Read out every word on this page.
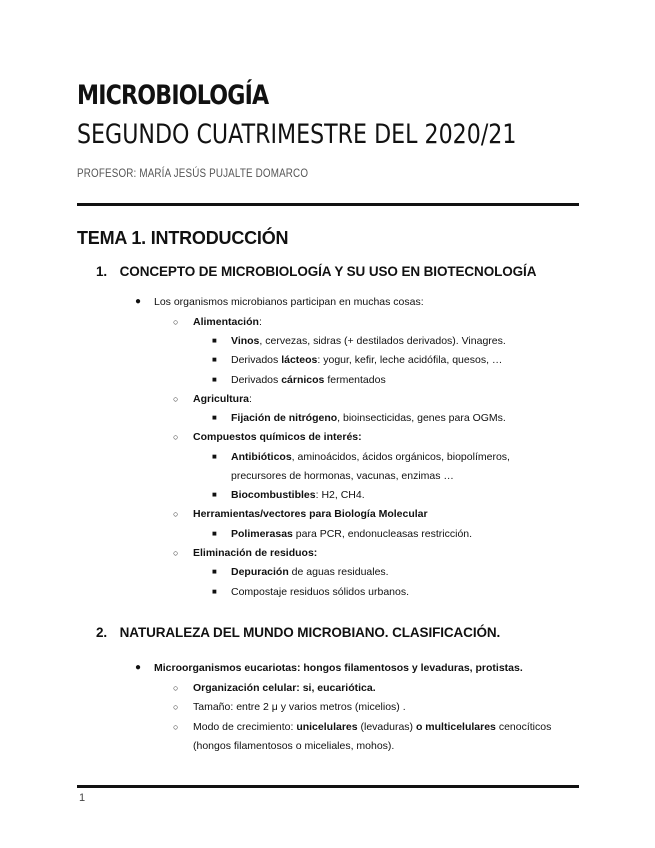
MICROBIOLOGÍA
SEGUNDO CUATRIMESTRE DEL 2020/21
PROFESOR: MARÍA JESÚS PUJALTE DOMARCO
TEMA 1. INTRODUCCIÓN
1. CONCEPTO DE MICROBIOLOGÍA Y SU USO EN BIOTECNOLOGÍA
● Los organismos microbianos participan en muchas cosas:
○ Alimentación:
■ Vinos, cervezas, sidras (+ destilados derivados). Vinagres.
■ Derivados lácteos: yogur, kefir, leche acidófila, quesos, …
■ Derivados cárnicos fermentados
○ Agricultura:
■ Fijación de nitrógeno, bioinsecticidas, genes para OGMs.
○ Compuestos químicos de interés:
■ Antibióticos, aminoácidos, ácidos orgánicos, biopolímeros,
precursores de hormonas, vacunas, enzimas …
■ Biocombustibles: H2, CH4.
○ Herramientas/vectores para Biología Molecular
■ Polimerasas para PCR, endonucleasas restricción.
○ Eliminación de residuos:
■ Depuración de aguas residuales.
■ Compostaje residuos sólidos urbanos.
2. NATURALEZA DEL MUNDO MICROBIANO. CLASIFICACIÓN.
● Microorganismos eucariotas: hongos filamentosos y levaduras, protistas.
○ Organización celular: si, eucariótica.
○ Tamaño: entre 2 μ y varios metros (micelios) .
○ Modo de crecimiento: unicelulares (levaduras) o multicelulares cenocíticos
(hongos filamentosos o miceliales, mohos).
1
